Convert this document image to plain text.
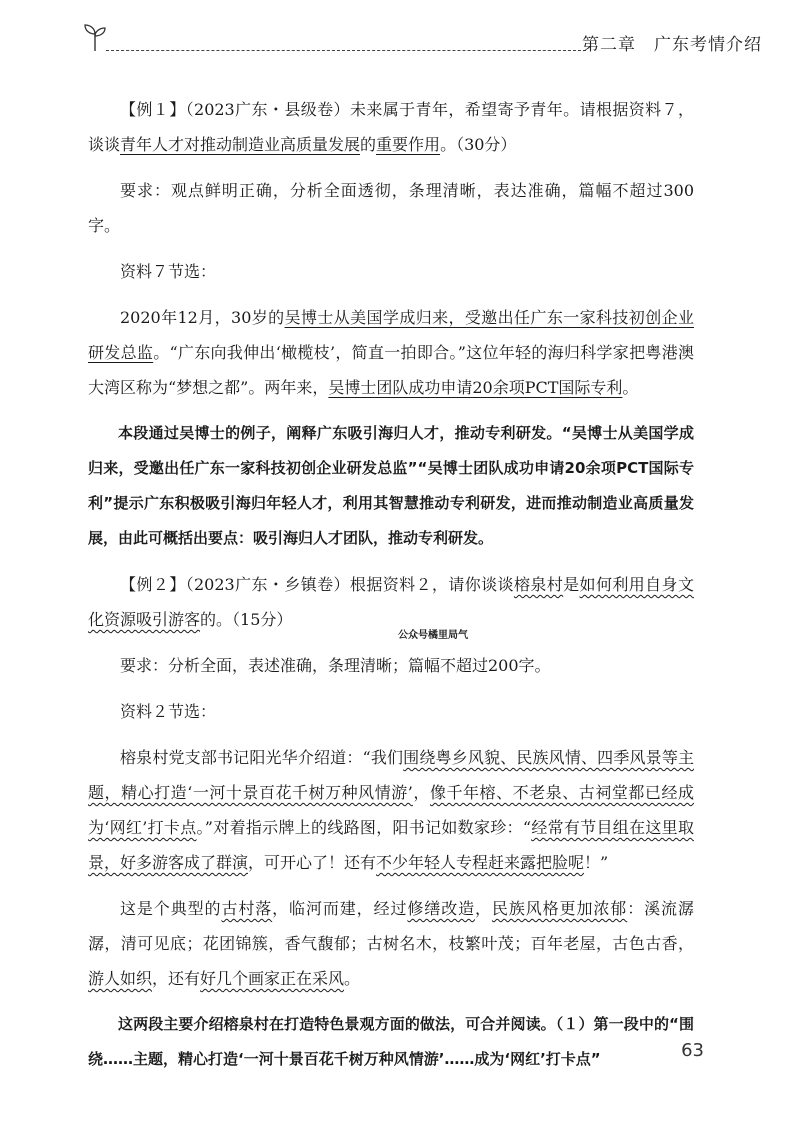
第二章　广东考情介绍

【例１】（2023广东・县级卷）未来属于青年，希望寄予青年。请根据资料７，谈谈青年人才对推动制造业高质量发展的重要作用。（30分）

要求：观点鲜明正确，分析全面透彻，条理清晰，表达准确，篇幅不超过300字。

资料７节选：

2020年12月，30岁的吴博士从美国学成归来，受邀出任广东一家科技初创企业研发总监。“广东向我伸出‘橄榄枝’，简直一拍即合。”这位年轻的海归科学家把粤港澳大湾区称为“梦想之都”。两年来，吴博士团队成功申请20余项PCT国际专利。

本段通过吴博士的例子，阐释广东吸引海归人才，推动专利研发。“吴博士从美国学成归来，受邀出任广东一家科技初创企业研发总监”“吴博士团队成功申请20余项PCT国际专利”提示广东积极吸引海归年轻人才，利用其智慧推动专利研发，进而推动制造业高质量发展，由此可概括出要点：吸引海归人才团队，推动专利研发。

【例２】（2023广东・乡镇卷）根据资料２，请你谈谈榕泉村是如何利用自身文化资源吸引游客的。（15分）

要求：分析全面，表述准确，条理清晰；篇幅不超过200字。

资料２节选：

榕泉村党支部书记阳光华介绍道：“我们围绕粤乡风貌、民族风情、四季风景等主题，精心打造‘一河十景百花千树万种风情游’，像千年榕、不老泉、古祠堂都已经成为‘网红’打卡点。”对着指示牌上的线路图，阳书记如数家珍：“经常有节目组在这里取景，好多游客成了群演，可开心了！还有不少年轻人专程赶来露把脸呢！”

这是个典型的古村落，临河而建，经过修缮改造，民族风格更加浓郁：溪流潺潺，清可见底；花团锦簇，香气馥郁；古树名木，枝繁叶茂；百年老屋，古色古香，游人如织，还有好几个画家正在采风。

这两段主要介绍榕泉村在打造特色景观方面的做法，可合并阅读。（１）第一段中的“围绕……主题，精心打造‘一河十景百花千树万种风情游’……成为‘网红’打卡点”

公众号橘里局气
63
